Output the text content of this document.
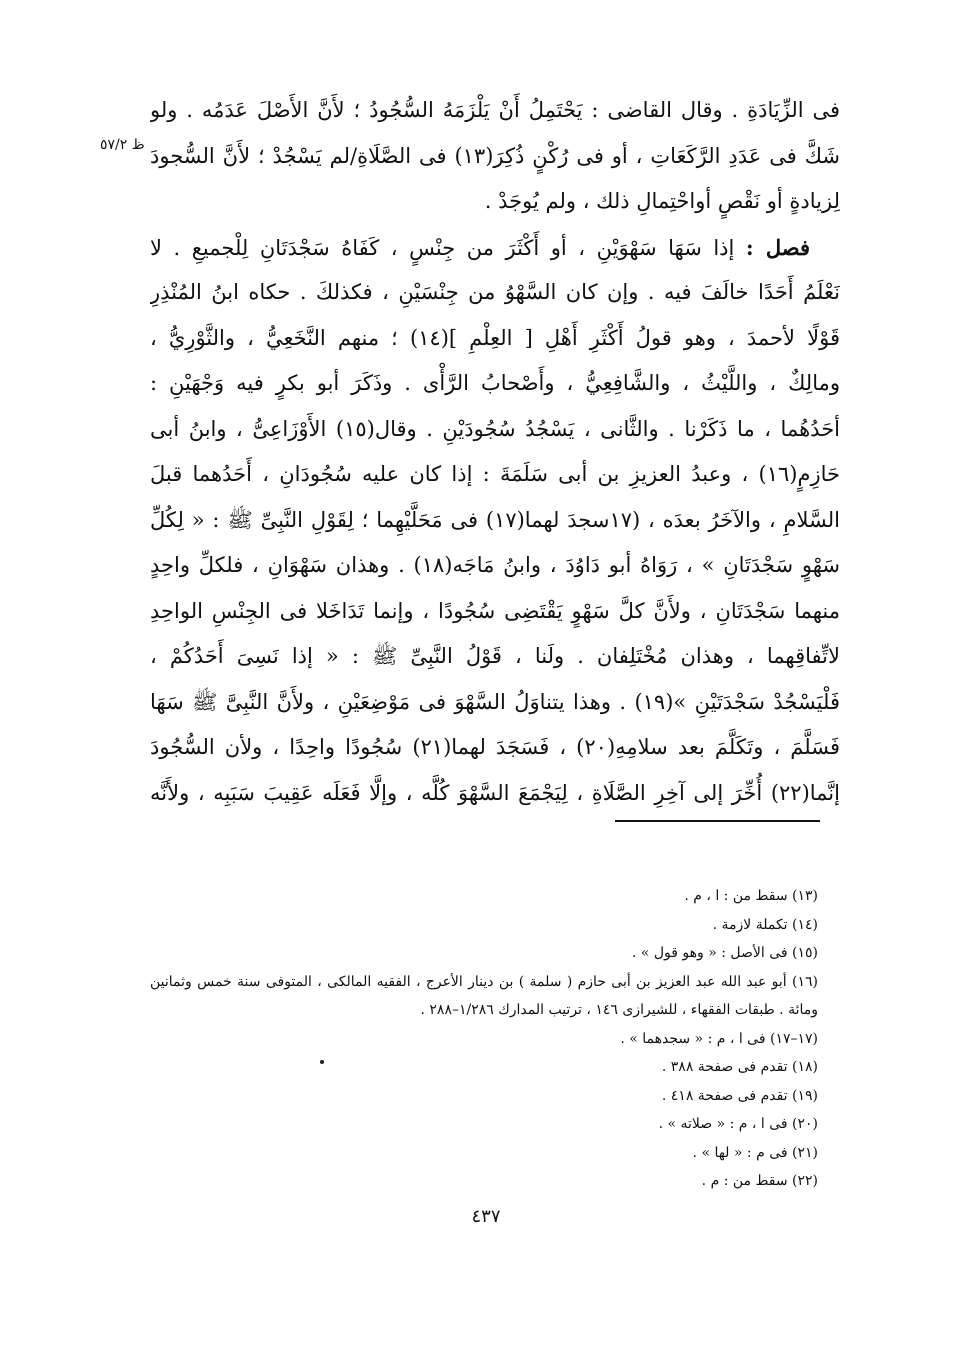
فى الزِّيَادَةِ . وقال القاضى : يَحْتَمِلُ أَنْ يَلْزَمَهُ السُّجُودُ ؛ لأَنَّ الأَصْلَ عَدَمُه . ولو
شَكَّ فى عَدَدِ الرَّكَعَاتِ ، أو فى رُكْنٍ ذُكِرَ(١٣) فى الصَّلَاةِ/لم يَسْجُدْ ؛ لأَنَّ السُّجودَ
لِزيادةٍ أو نَقْصٍ أواحْتِمالِ ذلك ، ولم يُوجَدْ .
فصل : إذا سَهَا سَهْوَيْنِ ، أو أَكْثَرَ من جِنْسٍ ، كَفَاهُ سَجْدَتَانِ لِلْجميعِ . لا
نَعْلَمُ أَحَدًا خالَفَ فيه . وإن كان السَّهْوُ من جِنْسَيْنِ ، فكذلكَ . حكاه ابنُ المُنْذِرِ
قَوْلًا لأحمدَ ، وهو قولُ أَكْثَرِ أَهْلِ [ العِلْمِ ](١٤) ؛ منهم النَّخَعِيُّ ، والثَّوْرِيُّ ،
ومالِكٌ ، واللَّيْثُ ، والشَّافِعِيُّ ، وأَصْحابُ الرَّأْى . وذَكَرَ أبو بكرٍ فيه وَجْهَيْنِ :
أحَدُهُما ، ما ذَكَرْنا . والثَّانى ، يَسْجُدُ سُجُودَيْنِ . وقال(١٥) الأَوْزَاعِىُّ ، وابنُ أبى
حَازِمٍ(١٦) ، وعبدُ العزيزِ بن أبى سَلَمَةَ : إذا كان عليه سُجُودَانِ ، أَحَدُهما قبلَ
السَّلامِ ، والآخَرُ بعدَه ، (١٧سجدَ لهما(١٧) فى مَحَلَّيْهِما ؛ لِقَوْلِ النَّبِىِّ ﷺ : « لِكُلِّ
سَهْوٍ سَجْدَتَانِ » ، رَوَاهُ أبو دَاوُدَ ، وابنُ مَاجَه(١٨) . وهذان سَهْوَانِ ، فلكلِّ واحِدٍ
منهما سَجْدَتَانِ ، ولأَنَّ كلَّ سَهْوٍ يَقْتَضِى سُجُودًا ، وإنما تَدَاخَلا فى الجِنْسِ الواحِدِ
لاتِّفاقِهما ، وهذان مُخْتَلِفان . ولَنا ، قَوْلُ النَّبِىِّ ﷺ : « إذا نَسِىَ أَحَدُكُمْ ،
فَلْيَسْجُدْ سَجْدَتَيْنِ »(١٩) . وهذا يتناوَلُ السَّهْوَ فى مَوْضِعَيْنِ ، ولأَنَّ النَّبِىَّ ﷺ سَهَا
فَسَلَّمَ ، وتَكَلَّمَ بعد سلامِهِ(٢٠) ، فَسَجَدَ لهما(٢١) سُجُودًا واحِدًا ، ولأن السُّجُودَ
إنَّما(٢٢) أُخِّرَ إلى آخِرِ الصَّلَاةِ ، لِيَجْمَعَ السَّهْوَ كُلَّه ، وإلَّا فَعَلَه عَقِيبَ سَبَبِه ، ولأَنَّه
ظ ٥٧/٢
(١٣) سقط من : ا ، م .
(١٤) تكملة لازمة .
(١٥) فى الأصل : « وهو قول » .
(١٦) أبو عبد الله عبد العزيز بن أبى حازم ( سلمة ) بن دينار الأعرج ، الفقيه المالكى ، المتوفى سنة خمس وثمانين
ومائة . طبقات الفقهاء ، للشيرازى ١٤٦ ، ترتيب المدارك ١/٢٨٦–٢٨٨ .
(١٧–١٧) فى ا ، م : « سجدهما » .
(١٨) تقدم فى صفحة ٣٨٨ .
(١٩) تقدم فى صفحة ٤١٨ .
(٢٠) فى ا ، م : « صلاته » .
(٢١) فى م : « لها » .
(٢٢) سقط من : م .
٤٣٧
